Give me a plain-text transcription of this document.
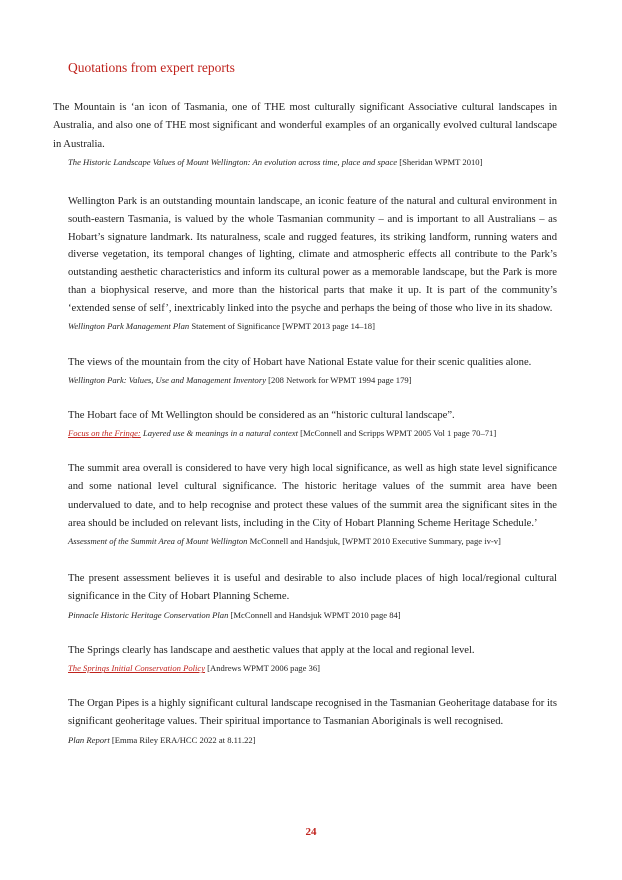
Quotations from expert reports

The Mountain is ‘an icon of Tasmania, one of THE most culturally significant Associative cultural landscapes in Australia, and also one of THE most significant and wonderful examples of an organically evolved cultural landscape in Australia.

The Historic Landscape Values of Mount Wellington: An evolution across time, place and space [Sheridan WPMT 2010]

Wellington Park is an outstanding mountain landscape, an iconic feature of the natural and cultural environment in south-eastern Tasmania, is valued by the whole Tasmanian community – and is important to all Australians – as Hobart’s signature landmark. Its naturalness, scale and rugged features, its striking landform, running waters and diverse vegetation, its temporal changes of lighting, climate and atmospheric effects all contribute to the Park’s outstanding aesthetic characteristics and inform its cultural power as a memorable landscape, but the Park is more than a biophysical reserve, and more than the historical parts that make it up. It is part of the community’s ‘extended sense of self’, inextricably linked into the psyche and perhaps the being of those who live in its shadow.

Wellington Park Management Plan Statement of Significance [WPMT 2013 page 14–18]

The views of the mountain from the city of Hobart have National Estate value for their scenic qualities alone.

Wellington Park: Values, Use and Management Inventory [208 Network for WPMT 1994 page 179]

The Hobart face of Mt Wellington should be considered as an “historic cultural landscape”.

Focus on the Fringe: Layered use & meanings in a natural context [McConnell and Scripps WPMT 2005 Vol 1 page 70–71]

The summit area overall is considered to have very high local significance, as well as high state level significance and some national level cultural significance. The historic heritage values of the summit area have been undervalued to date, and to help recognise and protect these values of the summit area the significant sites in the area should be included on relevant lists, including in the City of Hobart Planning Scheme Heritage Schedule.’

Assessment of the Summit Area of Mount Wellington McConnell and Handsjuk, [WPMT 2010 Executive Summary, page iv-v]

The present assessment believes it is useful and desirable to also include places of high local/regional cultural significance in the City of Hobart Planning Scheme.

Pinnacle Historic Heritage Conservation Plan [McConnell and Handsjuk WPMT 2010 page 84]

The Springs clearly has landscape and aesthetic values that apply at the local and regional level.

The Springs Initial Conservation Policy [Andrews WPMT 2006 page 36]

The Organ Pipes is a highly significant cultural landscape recognised in the Tasmanian Geoheritage database for its significant geoheritage values. Their spiritual importance to Tasmanian Aboriginals is well recognised.

Plan Report [Emma Riley ERA/HCC 2022 at 8.11.22]

24
